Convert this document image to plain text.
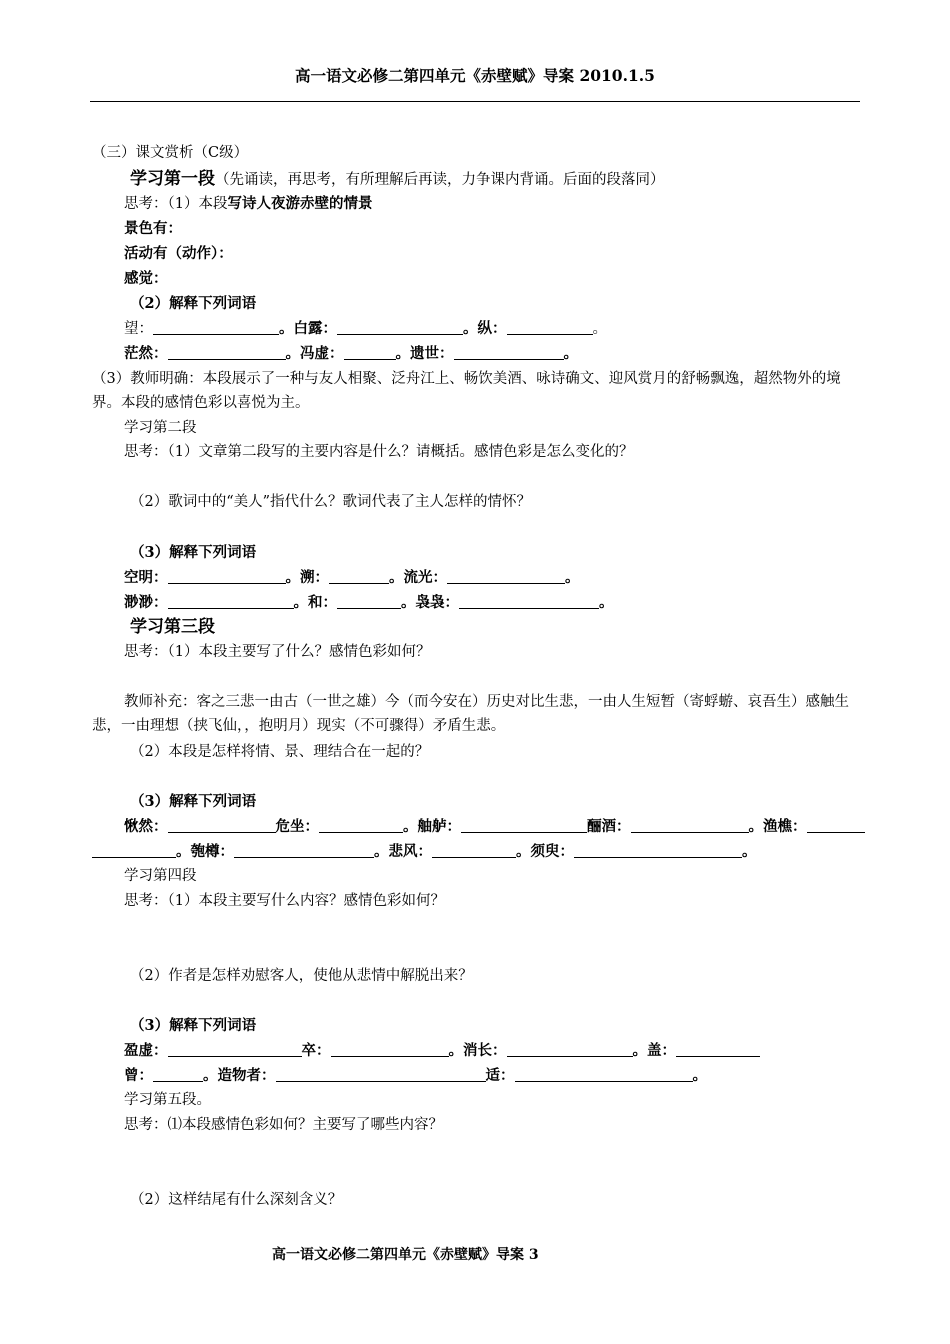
高一语文必修二第四单元《赤壁赋》导案 2010.1.5
（三）课文赏析（C级）
学习第一段（先诵读，再思考，有所理解后再读，力争课内背诵。后面的段落同）
思考：（1）本段写诗人夜游赤壁的情景
景色有：
活动有（动作）：
感觉：
（2）解释下列词语
望：	。白露：	。纵：	。
茫然：	。冯虚：	。遗世：	。
（3）教师明确：本段展示了一种与友人相聚、泛舟江上、畅饮美酒、咏诗确文、迎风赏月的舒畅飘逸，超然物外的境界。本段的感情色彩以喜悦为主。
学习第二段
思考：（1）文章第二段写的主要内容是什么？请概括。感情色彩是怎么变化的？
（2）歌词中的“美人”指代什么？歌词代表了主人怎样的情怀？
（3）解释下列词语
空明：	。溯：	。流光：	。
渺渺：	。和：	。袅袅：	。
学习第三段
思考：（1）本段主要写了什么？感情色彩如何？
教师补充：客之三悲一由古（一世之雄）今（而今安在）历史对比生悲，一由人生短暂（寄蜉蝣、哀吾生）感触生悲，一由理想（挟飞仙，，抱明月）现实（不可骤得）矛盾生悲。
（2）本段是怎样将情、景、理结合在一起的？
（3）解释下列词语
愀然：	危坐：	。舳舻：	酾酒：	。渔樵：
。匏樽：	。悲风：	。须臾：	。
学习第四段
思考：（1）本段主要写什么内容？感情色彩如何？
（2）作者是怎样劝慰客人，使他从悲情中解脱出来？
（3）解释下列词语
盈虚：	卒：	。消长：	。盖：
曾：	。造物者：	适：	。
学习第五段。
思考：⑴本段感情色彩如何？主要写了哪些内容？
（2）这样结尾有什么深刻含义？
高一语文必修二第四单元《赤壁赋》导案 3
